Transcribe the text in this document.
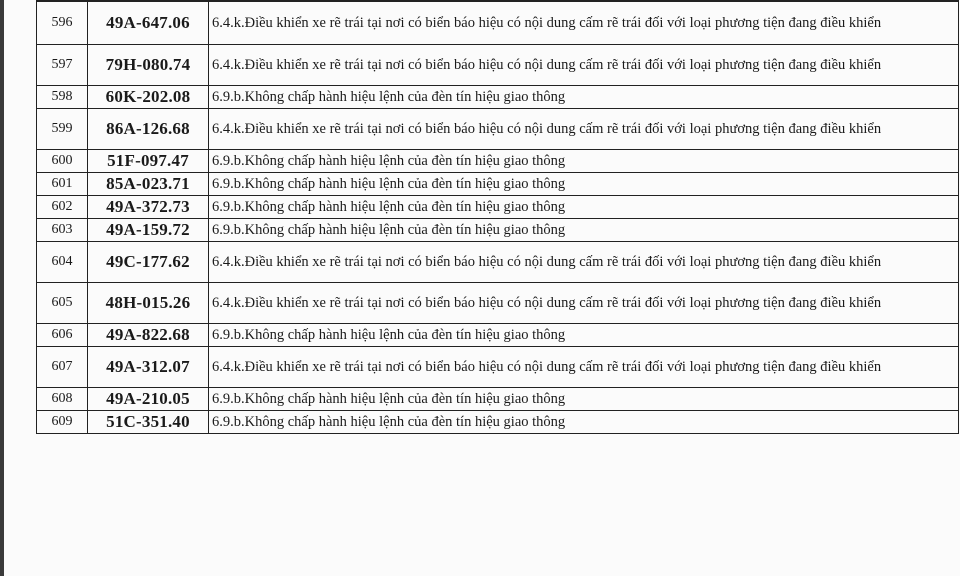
596	49A-647.06	6.4.k.Điều khiển xe rẽ trái tại nơi có biển báo hiệu có nội dung cấm rẽ trái đối với loại phương tiện đang điều khiển
597	79H-080.74	6.4.k.Điều khiển xe rẽ trái tại nơi có biển báo hiệu có nội dung cấm rẽ trái đối với loại phương tiện đang điều khiển
598	60K-202.08	6.9.b.Không chấp hành hiệu lệnh của đèn tín hiệu giao thông
599	86A-126.68	6.4.k.Điều khiển xe rẽ trái tại nơi có biển báo hiệu có nội dung cấm rẽ trái đối với loại phương tiện đang điều khiển
600	51F-097.47	6.9.b.Không chấp hành hiệu lệnh của đèn tín hiệu giao thông
601	85A-023.71	6.9.b.Không chấp hành hiệu lệnh của đèn tín hiệu giao thông
602	49A-372.73	6.9.b.Không chấp hành hiệu lệnh của đèn tín hiệu giao thông
603	49A-159.72	6.9.b.Không chấp hành hiệu lệnh của đèn tín hiệu giao thông
604	49C-177.62	6.4.k.Điều khiển xe rẽ trái tại nơi có biển báo hiệu có nội dung cấm rẽ trái đối với loại phương tiện đang điều khiển
605	48H-015.26	6.4.k.Điều khiển xe rẽ trái tại nơi có biển báo hiệu có nội dung cấm rẽ trái đối với loại phương tiện đang điều khiển
606	49A-822.68	6.9.b.Không chấp hành hiệu lệnh của đèn tín hiệu giao thông
607	49A-312.07	6.4.k.Điều khiển xe rẽ trái tại nơi có biển báo hiệu có nội dung cấm rẽ trái đối với loại phương tiện đang điều khiển
608	49A-210.05	6.9.b.Không chấp hành hiệu lệnh của đèn tín hiệu giao thông
609	51C-351.40	6.9.b.Không chấp hành hiệu lệnh của đèn tín hiệu giao thông
